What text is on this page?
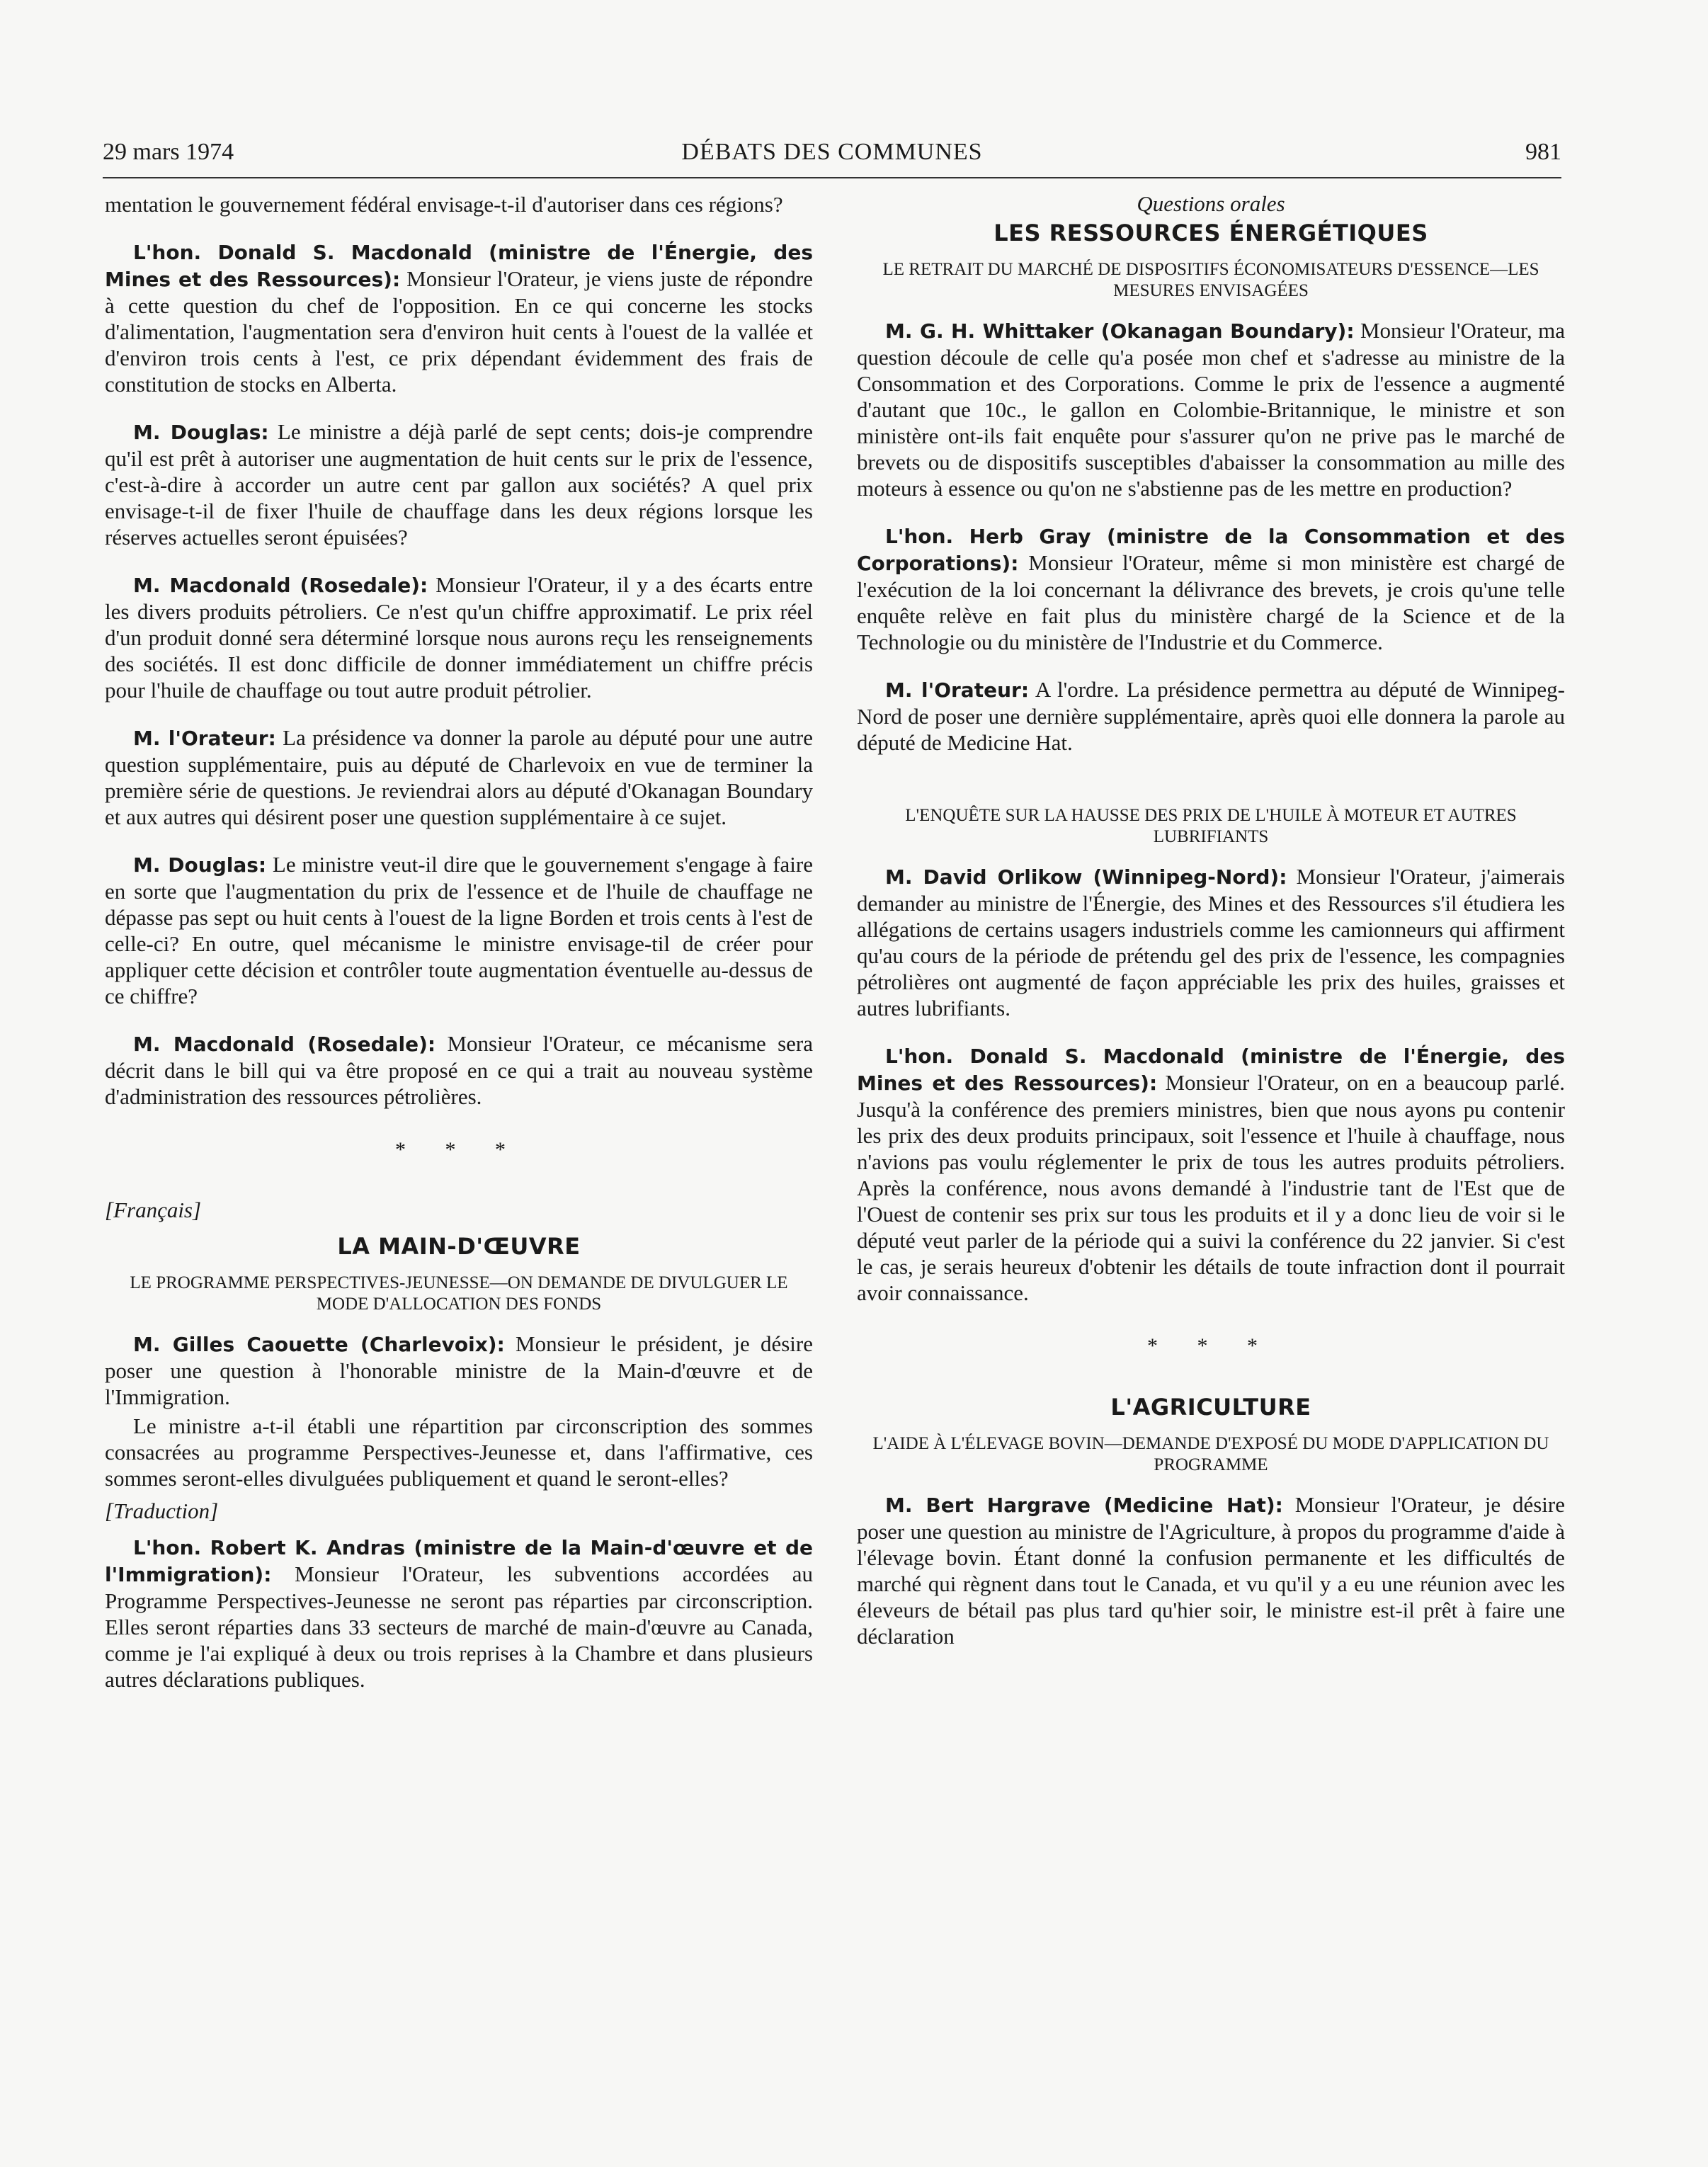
29 mars 1974	DÉBATS DES COMMUNES	981

mentation le gouvernement fédéral envisage-t-il d'autoriser dans ces régions?

L'hon. Donald S. Macdonald (ministre de l'Énergie, des Mines et des Ressources): Monsieur l'Orateur, je viens juste de répondre à cette question du chef de l'opposition. En ce qui concerne les stocks d'alimentation, l'augmentation sera d'environ huit cents à l'ouest de la vallée et d'environ trois cents à l'est, ce prix dépendant évidemment des frais de constitution de stocks en Alberta.

M. Douglas: Le ministre a déjà parlé de sept cents; dois-je comprendre qu'il est prêt à autoriser une augmentation de huit cents sur le prix de l'essence, c'est-à-dire à accorder un autre cent par gallon aux sociétés? A quel prix envisage-t-il de fixer l'huile de chauffage dans les deux régions lorsque les réserves actuelles seront épuisées?

M. Macdonald (Rosedale): Monsieur l'Orateur, il y a des écarts entre les divers produits pétroliers. Ce n'est qu'un chiffre approximatif. Le prix réel d'un produit donné sera déterminé lorsque nous aurons reçu les renseignements des sociétés. Il est donc difficile de donner immédiatement un chiffre précis pour l'huile de chauffage ou tout autre produit pétrolier.

M. l'Orateur: La présidence va donner la parole au député pour une autre question supplémentaire, puis au député de Charlevoix en vue de terminer la première série de questions. Je reviendrai alors au député d'Okanagan Boundary et aux autres qui désirent poser une question supplémentaire à ce sujet.

M. Douglas: Le ministre veut-il dire que le gouvernement s'engage à faire en sorte que l'augmentation du prix de l'essence et de l'huile de chauffage ne dépasse pas sept ou huit cents à l'ouest de la ligne Borden et trois cents à l'est de celle-ci? En outre, quel mécanisme le ministre envisage-til de créer pour appliquer cette décision et contrôler toute augmentation éventuelle au-dessus de ce chiffre?

M. Macdonald (Rosedale): Monsieur l'Orateur, ce mécanisme sera décrit dans le bill qui va être proposé en ce qui a trait au nouveau système d'administration des ressources pétrolières.

* * *
[Français]
LA MAIN-D'ŒUVRE
LE PROGRAMME PERSPECTIVES-JEUNESSE—ON DEMANDE DE DIVULGUER LE MODE D'ALLOCATION DES FONDS

M. Gilles Caouette (Charlevoix): Monsieur le président, je désire poser une question à l'honorable ministre de la Main-d'œuvre et de l'Immigration.

Le ministre a-t-il établi une répartition par circonscription des sommes consacrées au programme Perspectives-Jeunesse et, dans l'affirmative, ces sommes seront-elles divulguées publiquement et quand le seront-elles?

[Traduction]

L'hon. Robert K. Andras (ministre de la Main-d'œuvre et de l'Immigration): Monsieur l'Orateur, les subventions accordées au Programme Perspectives-Jeunesse ne seront pas réparties par circonscription. Elles seront réparties dans 33 secteurs de marché de main-d'œuvre au Canada, comme je l'ai expliqué à deux ou trois reprises à la Chambre et dans plusieurs autres déclarations publiques.

Questions orales
LES RESSOURCES ÉNERGÉTIQUES
LE RETRAIT DU MARCHÉ DE DISPOSITIFS ÉCONOMISATEURS D'ESSENCE—LES MESURES ENVISAGÉES

M. G. H. Whittaker (Okanagan Boundary): Monsieur l'Orateur, ma question découle de celle qu'a posée mon chef et s'adresse au ministre de la Consommation et des Corporations. Comme le prix de l'essence a augmenté d'autant que 10c., le gallon en Colombie-Britannique, le ministre et son ministère ont-ils fait enquête pour s'assurer qu'on ne prive pas le marché de brevets ou de dispositifs susceptibles d'abaisser la consommation au mille des moteurs à essence ou qu'on ne s'abstienne pas de les mettre en production?

L'hon. Herb Gray (ministre de la Consommation et des Corporations): Monsieur l'Orateur, même si mon ministère est chargé de l'exécution de la loi concernant la délivrance des brevets, je crois qu'une telle enquête relève en fait plus du ministère chargé de la Science et de la Technologie ou du ministère de l'Industrie et du Commerce.

M. l'Orateur: A l'ordre. La présidence permettra au député de Winnipeg-Nord de poser une dernière supplémentaire, après quoi elle donnera la parole au député de Medicine Hat.

L'ENQUÊTE SUR LA HAUSSE DES PRIX DE L'HUILE À MOTEUR ET AUTRES LUBRIFIANTS

M. David Orlikow (Winnipeg-Nord): Monsieur l'Orateur, j'aimerais demander au ministre de l'Énergie, des Mines et des Ressources s'il étudiera les allégations de certains usagers industriels comme les camionneurs qui affirment qu'au cours de la période de prétendu gel des prix de l'essence, les compagnies pétrolières ont augmenté de façon appréciable les prix des huiles, graisses et autres lubrifiants.

L'hon. Donald S. Macdonald (ministre de l'Énergie, des Mines et des Ressources): Monsieur l'Orateur, on en a beaucoup parlé. Jusqu'à la conférence des premiers ministres, bien que nous ayons pu contenir les prix des deux produits principaux, soit l'essence et l'huile à chauffage, nous n'avions pas voulu réglementer le prix de tous les autres produits pétroliers. Après la conférence, nous avons demandé à l'industrie tant de l'Est que de l'Ouest de contenir ses prix sur tous les produits et il y a donc lieu de voir si le député veut parler de la période qui a suivi la conférence du 22 janvier. Si c'est le cas, je serais heureux d'obtenir les détails de toute infraction dont il pourrait avoir connaissance.

* * *
L'AGRICULTURE
L'AIDE À L'ÉLEVAGE BOVIN—DEMANDE D'EXPOSÉ DU MODE D'APPLICATION DU PROGRAMME

M. Bert Hargrave (Medicine Hat): Monsieur l'Orateur, je désire poser une question au ministre de l'Agriculture, à propos du programme d'aide à l'élevage bovin. Étant donné la confusion permanente et les difficultés de marché qui règnent dans tout le Canada, et vu qu'il y a eu une réunion avec les éleveurs de bétail pas plus tard qu'hier soir, le ministre est-il prêt à faire une déclaration
